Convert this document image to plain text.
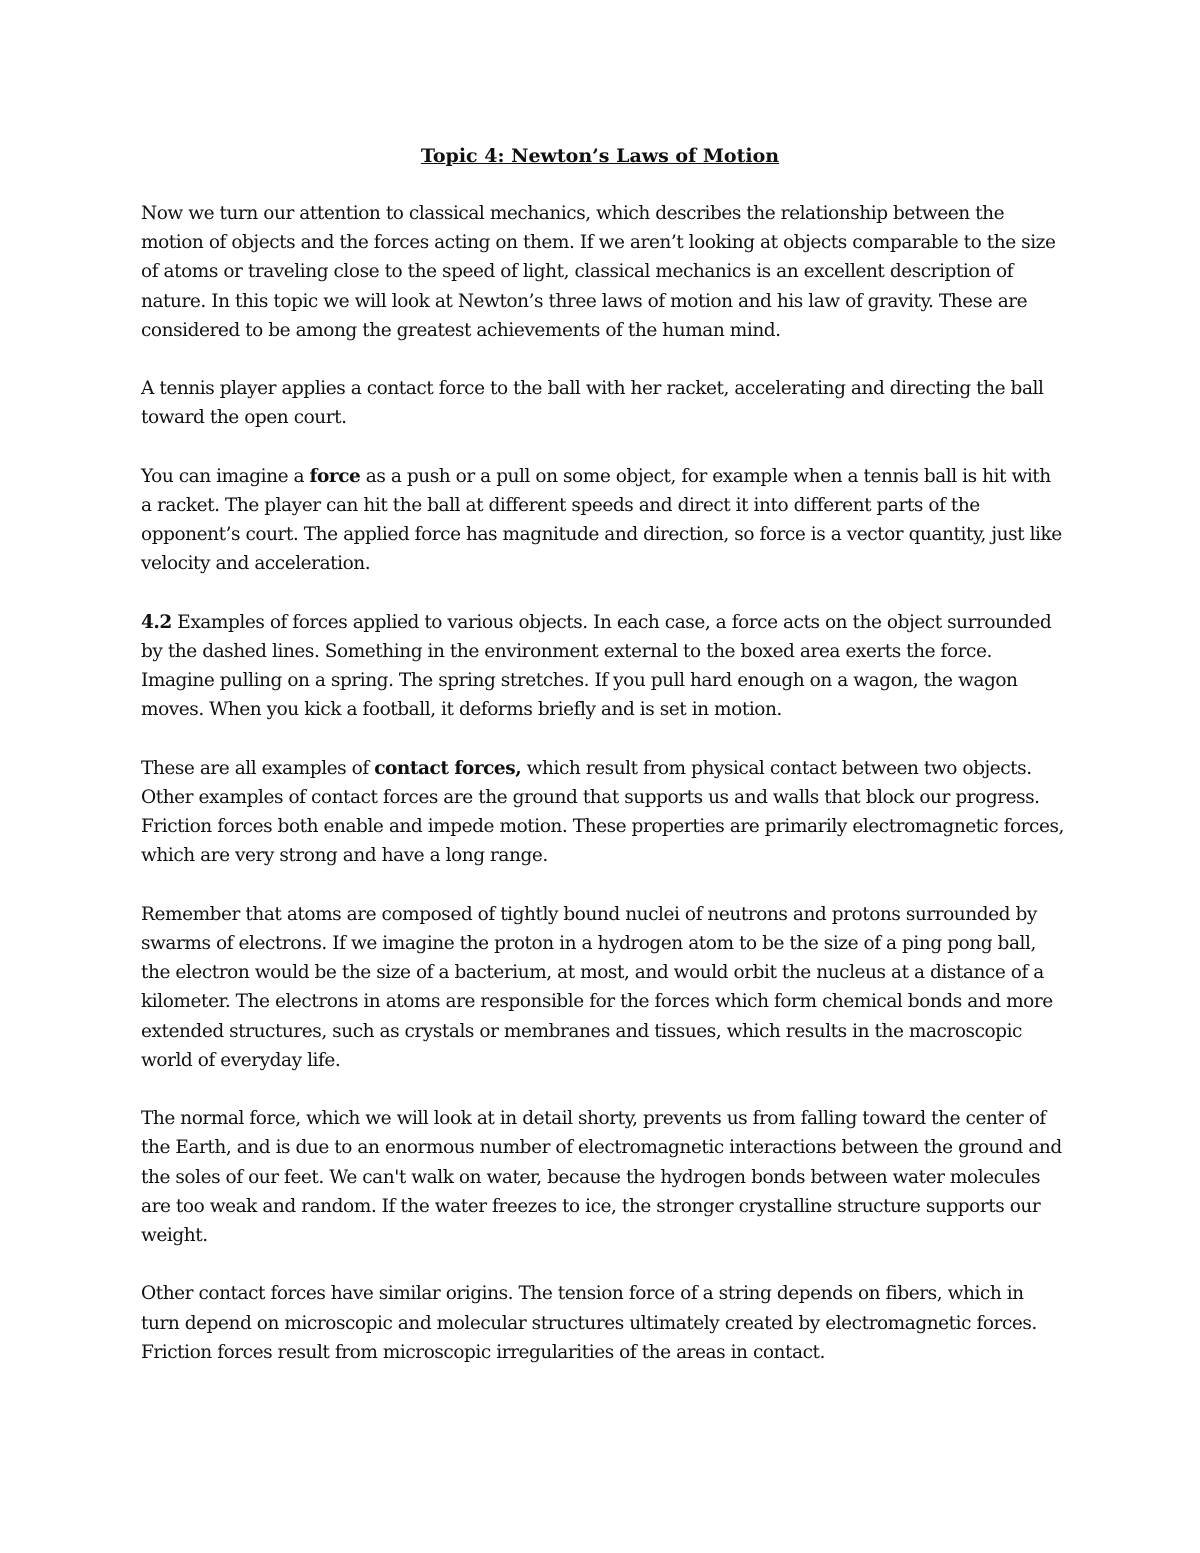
Topic 4: Newton’s Laws of Motion

Now we turn our attention to classical mechanics, which describes the relationship between the motion of objects and the forces acting on them. If we aren’t looking at objects comparable to the size of atoms or traveling close to the speed of light, classical mechanics is an excellent description of nature. In this topic we will look at Newton’s three laws of motion and his law of gravity. These are considered to be among the greatest achievements of the human mind.

A tennis player applies a contact force to the ball with her racket, accelerating and directing the ball toward the open court.

You can imagine a force as a push or a pull on some object, for example when a tennis ball is hit with a racket. The player can hit the ball at different speeds and direct it into different parts of the opponent’s court. The applied force has magnitude and direction, so force is a vector quantity, just like velocity and acceleration.

4.2 Examples of forces applied to various objects. In each case, a force acts on the object surrounded by the dashed lines. Something in the environment external to the boxed area exerts the force.

Imagine pulling on a spring. The spring stretches. If you pull hard enough on a wagon, the wagon moves. When you kick a football, it deforms briefly and is set in motion.

These are all examples of contact forces, which result from physical contact between two objects. Other examples of contact forces are the ground that supports us and walls that block our progress. Friction forces both enable and impede motion. These properties are primarily electromagnetic forces, which are very strong and have a long range.

Remember that atoms are composed of tightly bound nuclei of neutrons and protons surrounded by swarms of electrons. If we imagine the proton in a hydrogen atom to be the size of a ping pong ball, the electron would be the size of a bacterium, at most, and would orbit the nucleus at a distance of a kilometer. The electrons in atoms are responsible for the forces which form chemical bonds and more extended structures, such as crystals or membranes and tissues, which results in the macroscopic world of everyday life.

The normal force, which we will look at in detail shorty, prevents us from falling toward the center of the Earth, and is due to an enormous number of electromagnetic interactions between the ground and the soles of our feet. We can't walk on water, because the hydrogen bonds between water molecules are too weak and random. If the water freezes to ice, the stronger crystalline structure supports our weight.

Other contact forces have similar origins. The tension force of a string depends on fibers, which in turn depend on microscopic and molecular structures ultimately created by electromagnetic forces. Friction forces result from microscopic irregularities of the areas in contact.
